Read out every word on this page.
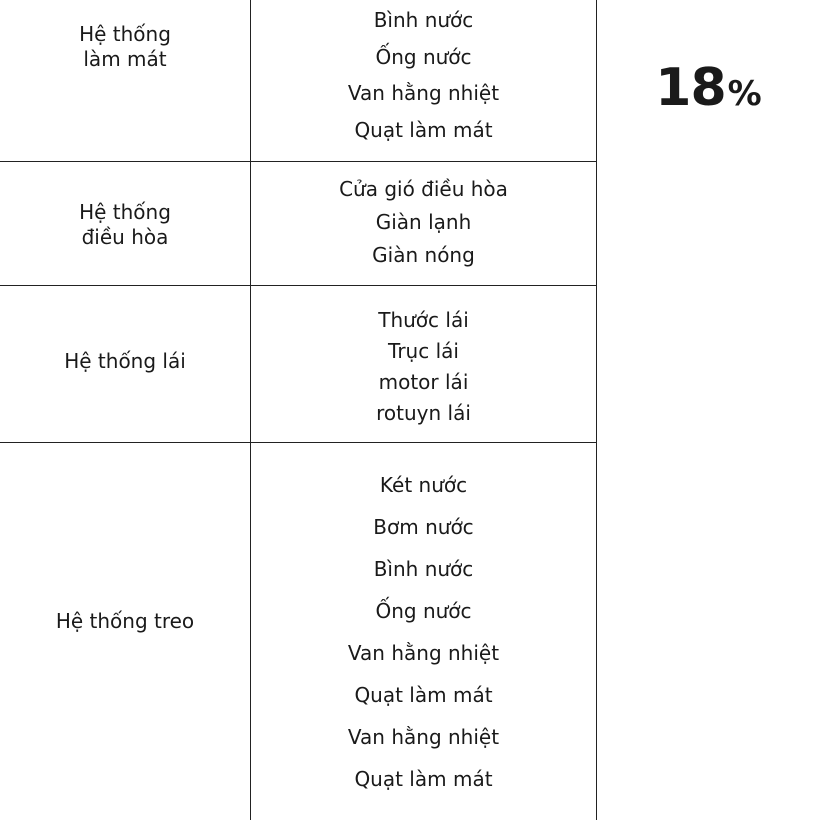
Hệ thống
làm mát
Bình nước
Ống nước
Van hằng nhiệt
Quạt làm mát
Hệ thống
điều hòa
Cửa gió điều hòa
Giàn lạnh
Giàn nóng
Hệ thống lái
Thước lái
Trục lái
motor lái
rotuyn lái
Hệ thống treo
Két nước
Bơm nước
Bình nước
Ống nước
Van hằng nhiệt
Quạt làm mát
Van hằng nhiệt
Quạt làm mát
18%
